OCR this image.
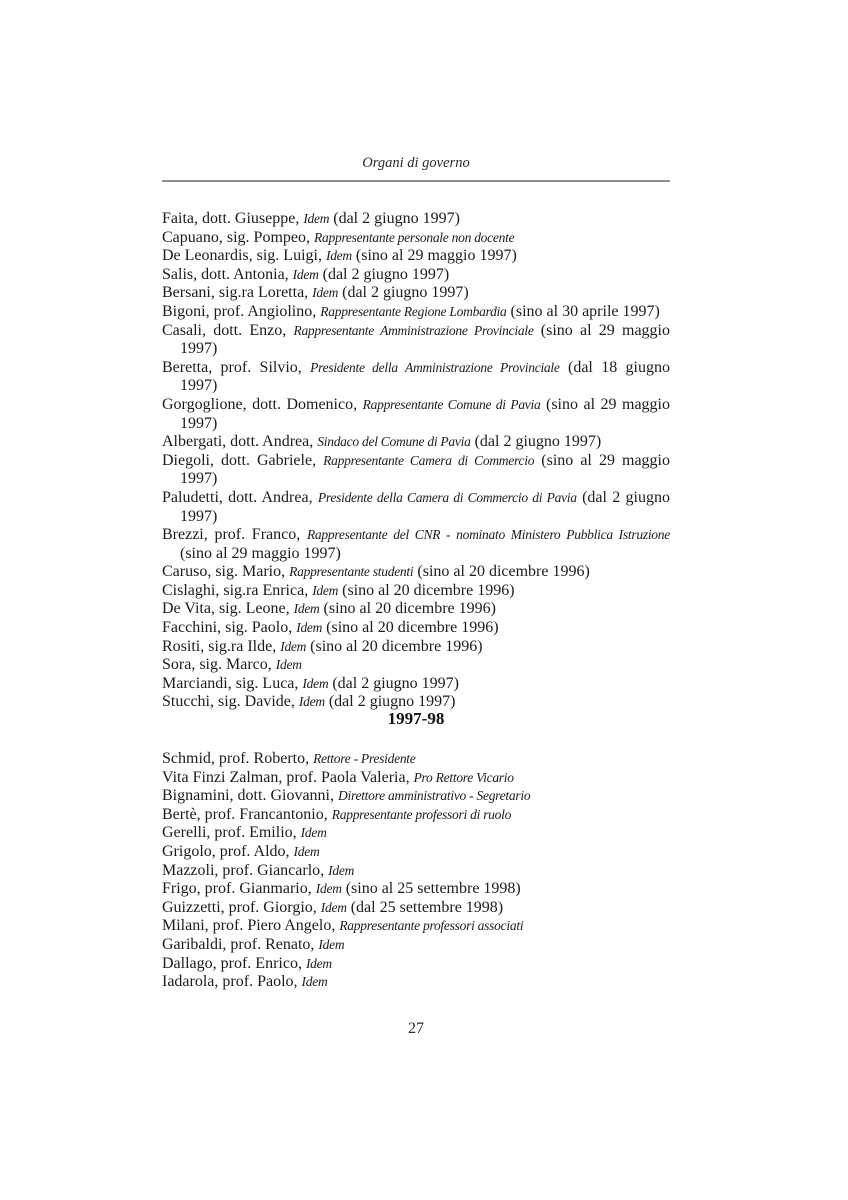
Organi di governo

Faita, dott. Giuseppe, Idem (dal 2 giugno 1997)

Capuano, sig. Pompeo, Rappresentante personale non docente

De Leonardis, sig. Luigi, Idem (sino al 29 maggio 1997)

Salis, dott. Antonia, Idem (dal 2 giugno 1997)

Bersani, sig.ra Loretta, Idem (dal 2 giugno 1997)

Bigoni, prof. Angiolino, Rappresentante Regione Lombardia (sino al 30 aprile 1997)

Casali, dott. Enzo, Rappresentante Amministrazione Provinciale (sino al 29 maggio 1997)

Beretta, prof. Silvio, Presidente della Amministrazione Provinciale (dal 18 giugno 1997)

Gorgoglione, dott. Domenico, Rappresentante Comune di Pavia (sino al 29 maggio 1997)

Albergati, dott. Andrea, Sindaco del Comune di Pavia (dal 2 giugno 1997)

Diegoli, dott. Gabriele, Rappresentante Camera di Commercio (sino al 29 maggio 1997)

Paludetti, dott. Andrea, Presidente della Camera di Commercio di Pavia (dal 2 giugno 1997)

Brezzi, prof. Franco, Rappresentante del CNR - nominato Ministero Pubblica Istruzione (sino al 29 maggio 1997)

Caruso, sig. Mario, Rappresentante studenti (sino al 20 dicembre 1996)

Cislaghi, sig.ra Enrica, Idem (sino al 20 dicembre 1996)

De Vita, sig. Leone, Idem (sino al 20 dicembre 1996)

Facchini, sig. Paolo, Idem (sino al 20 dicembre 1996)

Rositi, sig.ra Ilde, Idem (sino al 20 dicembre 1996)

Sora, sig. Marco, Idem

Marciandi, sig. Luca, Idem (dal 2 giugno 1997)

Stucchi, sig. Davide, Idem (dal 2 giugno 1997)

1997-98

Schmid, prof. Roberto, Rettore - Presidente

Vita Finzi Zalman, prof. Paola Valeria, Pro Rettore Vicario

Bignamini, dott. Giovanni, Direttore amministrativo - Segretario

Bertè, prof. Francantonio, Rappresentante professori di ruolo

Gerelli, prof. Emilio, Idem

Grigolo, prof. Aldo, Idem

Mazzoli, prof. Giancarlo, Idem

Frigo, prof. Gianmario, Idem (sino al 25 settembre 1998)

Guizzetti, prof. Giorgio, Idem (dal 25 settembre 1998)

Milani, prof. Piero Angelo, Rappresentante professori associati

Garibaldi, prof. Renato, Idem

Dallago, prof. Enrico, Idem

Iadarola, prof. Paolo, Idem

27
